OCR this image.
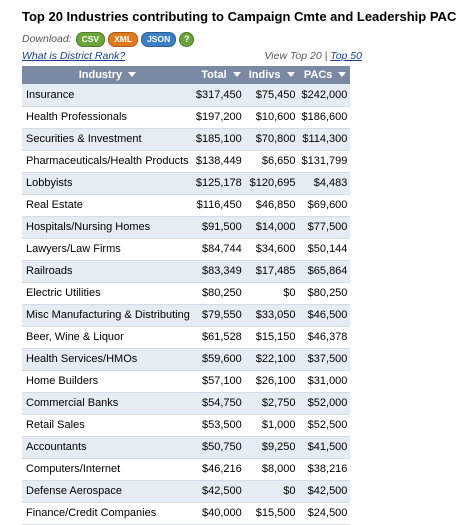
Top 20 Industries contributing to Campaign Cmte and Leadership PAC
Download:	CSV	XML	JSON	?
What is District Rank?	View Top 20 | Top 50
Industry	Total	Indivs	PACs
Insurance	$317,450	$75,450	$242,000
Health Professionals	$197,200	$10,600	$186,600
Securities & Investment	$185,100	$70,800	$114,300
Pharmaceuticals/Health Products	$138,449	$6,650	$131,799
Lobbyists	$125,178	$120,695	$4,483
Real Estate	$116,450	$46,850	$69,600
Hospitals/Nursing Homes	$91,500	$14,000	$77,500
Lawyers/Law Firms	$84,744	$34,600	$50,144
Railroads	$83,349	$17,485	$65,864
Electric Utilities	$80,250	$0	$80,250
Misc Manufacturing & Distributing	$79,550	$33,050	$46,500
Beer, Wine & Liquor	$61,528	$15,150	$46,378
Health Services/HMOs	$59,600	$22,100	$37,500
Home Builders	$57,100	$26,100	$31,000
Commercial Banks	$54,750	$2,750	$52,000
Retail Sales	$53,500	$1,000	$52,500
Accountants	$50,750	$9,250	$41,500
Computers/Internet	$46,216	$8,000	$38,216
Defense Aerospace	$42,500	$0	$42,500
Finance/Credit Companies	$40,000	$15,500	$24,500
